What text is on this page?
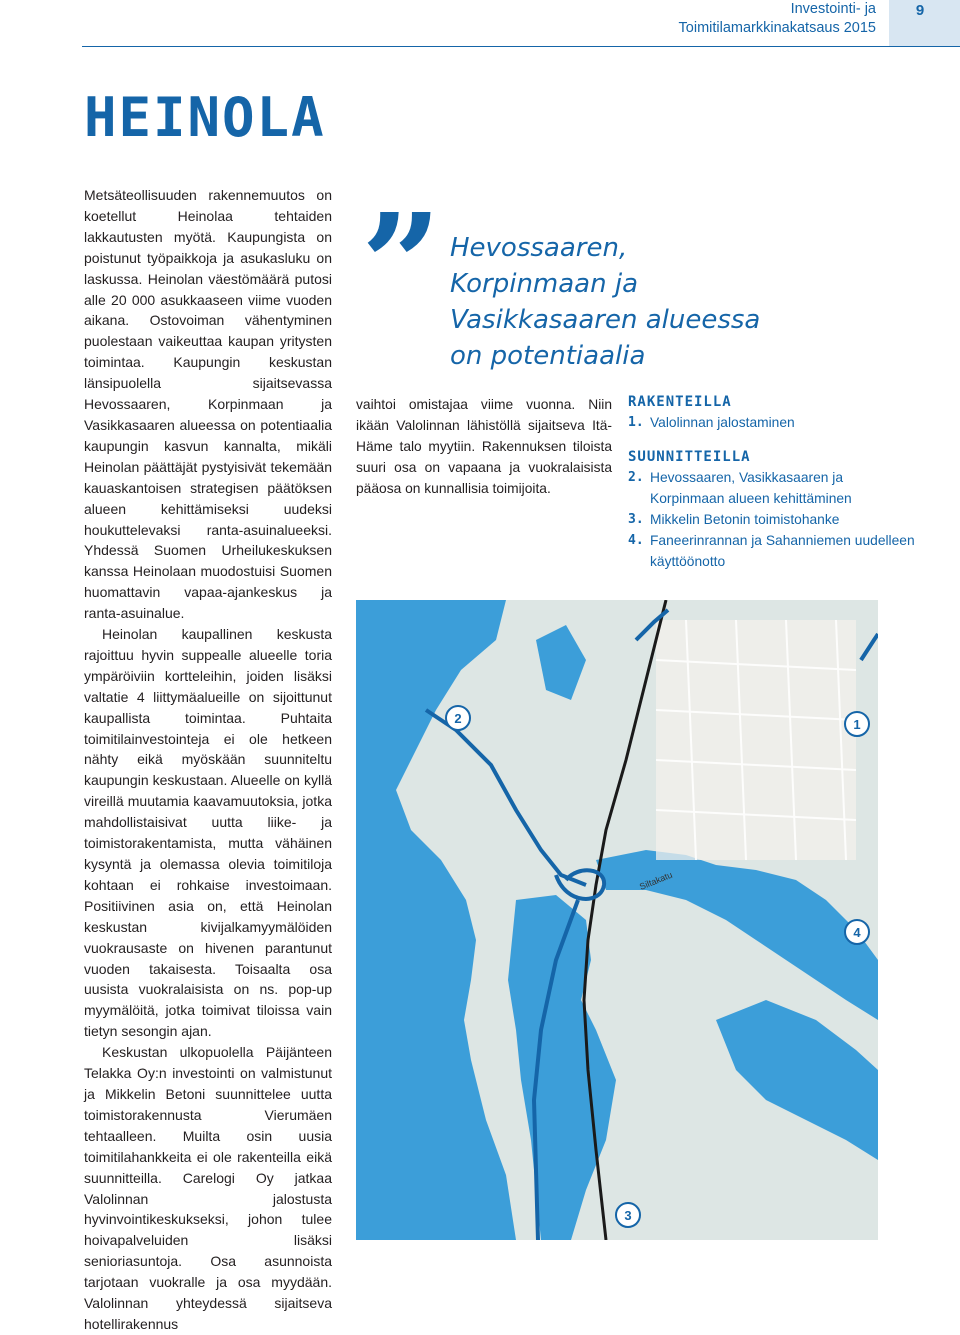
Investointi- ja
Toimitilamarkkinakatsaus 2015
9
HEINOLA

Metsäteollisuuden rakennemuutos on koetellut Heinolaa tehtaiden lakkautusten myötä. Kaupungista on poistunut työpaikkoja ja asukasluku on laskussa. Heinolan väestömäärä putosi alle 20 000 asukkaaseen viime vuoden aikana. Ostovoiman vähentyminen puolestaan vaikeuttaa kaupan yritysten toimintaa. Kaupungin keskustan länsipuolella sijaitsevassa Hevossaaren, Korpinmaan ja Vasikkasaaren alueessa on potentiaalia kaupungin kasvun kannalta, mikäli Heinolan päättäjät pystyisivät tekemään kauaskantoisen strategisen päätöksen alueen kehittämiseksi uudeksi houkuttelevaksi ranta-asuinalueeksi. Yhdessä Suomen Urheilukeskuksen kanssa Heinolaan muodostuisi Suomen huomattavin vapaa-ajankeskus ja ranta-asuinalue.

Heinolan kaupallinen keskusta rajoittuu hyvin suppealle alueelle toria ympäröiviin kortteleihin, joiden lisäksi valtatie 4 liittymäalueille on sijoittunut kaupallista toimintaa. Puhtaita toimitilainvestointeja ei ole hetkeen nähty eikä myöskään suunniteltu kaupungin keskustaan. Alueelle on kyllä vireillä muutamia kaavamuutoksia, jotka mahdollistaisivat uutta liike- ja toimistorakentamista, mutta vähäinen kysyntä ja olemassa olevia toimitiloja kohtaan ei rohkaise investoimaan. Positiivinen asia on, että Heinolan keskustan kivijalkamyymälöiden vuokrausaste on hivenen parantunut vuoden takaisesta. Toisaalta osa uusista vuokralaisista on ns. pop-up myymälöitä, jotka toimivat tiloissa vain tietyn sesongin ajan.

Keskustan ulkopuolella Päijänteen Telakka Oy:n investointi on valmistunut ja Mikkelin Betoni suunnittelee uutta toimistorakennusta Vierumäen tehtaalleen. Muilta osin uusia toimitilahankkeita ei ole rakenteilla eikä suunnitteilla. Carelogi Oy jatkaa Valolinnan jalostusta hyvinvointikeskukseksi, johon tulee hoivapalveluiden lisäksi senioriasuntoja. Osa asunnoista tarjotaan vuokralle ja osa myydään. Valolinnan yhteydessä sijaitseva hotellirakennus

” Hevossaaren, Korpinmaan ja Vasikkasaaren alueessa on potentiaalia

vaihtoi omistajaa viime vuonna. Niin ikään Valolinnan lähistöllä sijaitseva Itä-Häme talo myytiin. Rakennuksen tiloista suuri osa on vapaana ja vuokralaisista pääosa on kunnallisia toimijoita.

RAKENTEILLA
1. Valolinnan jalostaminen
SUUNNITTEILLA
2. Hevossaaren, Vasikkasaaren ja Korpinmaan alueen kehittäminen
3. Mikkelin Betonin toimistohanke
4. Faneerinrannan ja Sahanniemen uudelleen käyttöönotto
Siltakatu
1
2
3
4
